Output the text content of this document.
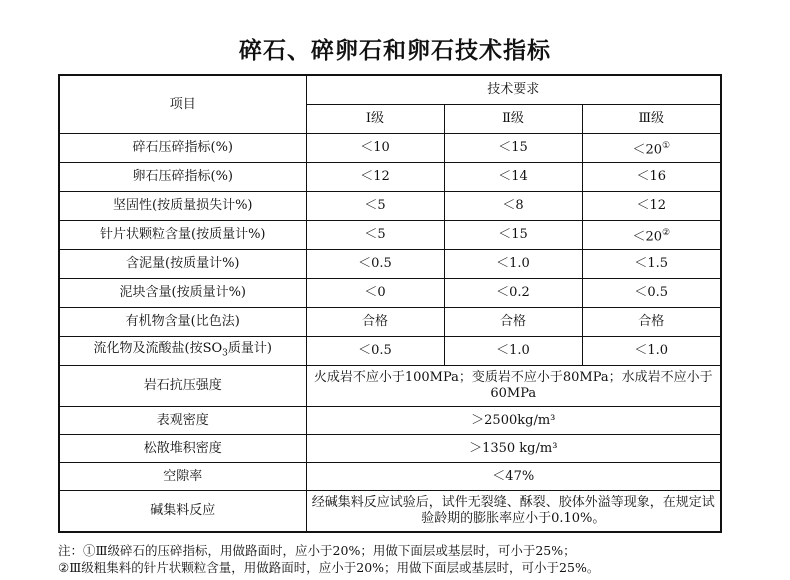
碎石、碎卵石和卵石技术指标
项目	技术要求		
	Ⅰ级	Ⅱ级	Ⅲ级
碎石压碎指标(%)	＜10	＜15	＜20①
卵石压碎指标(%)	＜12	＜14	＜16
坚固性(按质量损失计%)	＜5	＜8	＜12
针片状颗粒含量(按质量计%)	＜5	＜15	＜20②
含泥量(按质量计%)	＜0.5	＜1.0	＜1.5
泥块含量(按质量计%)	＜0	＜0.2	＜0.5
有机物含量(比色法)	合格	合格	合格
流化物及流酸盐(按$SO_3$质量计)	＜0.5	＜1.0	＜1.0
岩石抗压强度	火成岩不应小于100MPa；变质岩不应小于80MPa；水成岩不应小于60MPa		
表观密度	＞2500kg/m³		
松散堆积密度	＞1350 kg/m³		
空隙率	＜47%		
碱集料反应	经碱集料反应试验后，试件无裂缝、酥裂、胶体外溢等现象，在规定试验龄期的膨胀率应小于0.10%。		
注：①Ⅲ级碎石的压碎指标，用做路面时，应小于20%；用做下面层或基层时，可小于25%；
②Ⅲ级粗集料的针片状颗粒含量，用做路面时，应小于20%；用做下面层或基层时，可小于25%。
